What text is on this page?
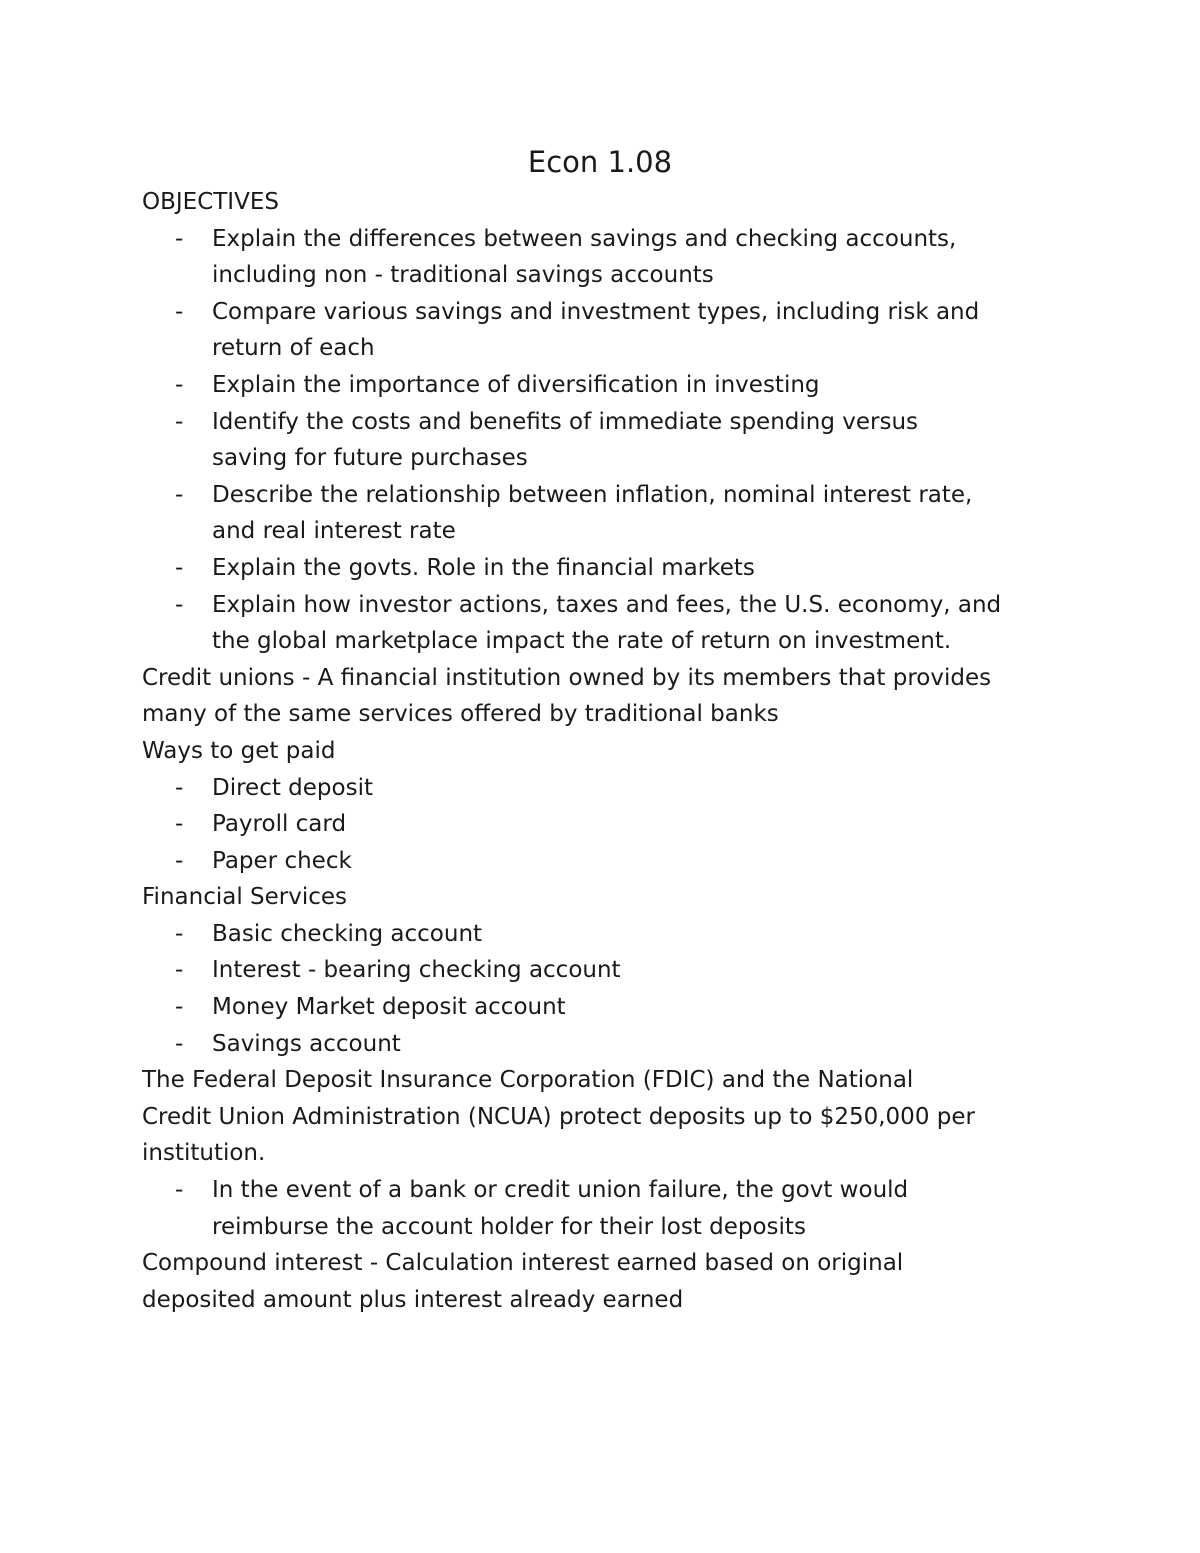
Econ 1.08

OBJECTIVES

- Explain the differences between savings and checking accounts,
including non - traditional savings accounts
- Compare various savings and investment types, including risk and
return of each
- Explain the importance of diversification in investing
- Identify the costs and benefits of immediate spending versus
saving for future purchases
- Describe the relationship between inflation, nominal interest rate,
and real interest rate
- Explain the govts. Role in the financial markets
- Explain how investor actions, taxes and fees, the U.S. economy, and
the global marketplace impact the rate of return on investment.

Credit unions - A financial institution owned by its members that provides
many of the same services offered by traditional banks

Ways to get paid

- Direct deposit
- Payroll card
- Paper check

Financial Services

- Basic checking account
- Interest - bearing checking account
- Money Market deposit account
- Savings account

The Federal Deposit Insurance Corporation (FDIC) and the National
Credit Union Administration (NCUA) protect deposits up to $250,000 per
institution.

- In the event of a bank or credit union failure, the govt would
reimburse the account holder for their lost deposits

Compound interest - Calculation interest earned based on original
deposited amount plus interest already earned
